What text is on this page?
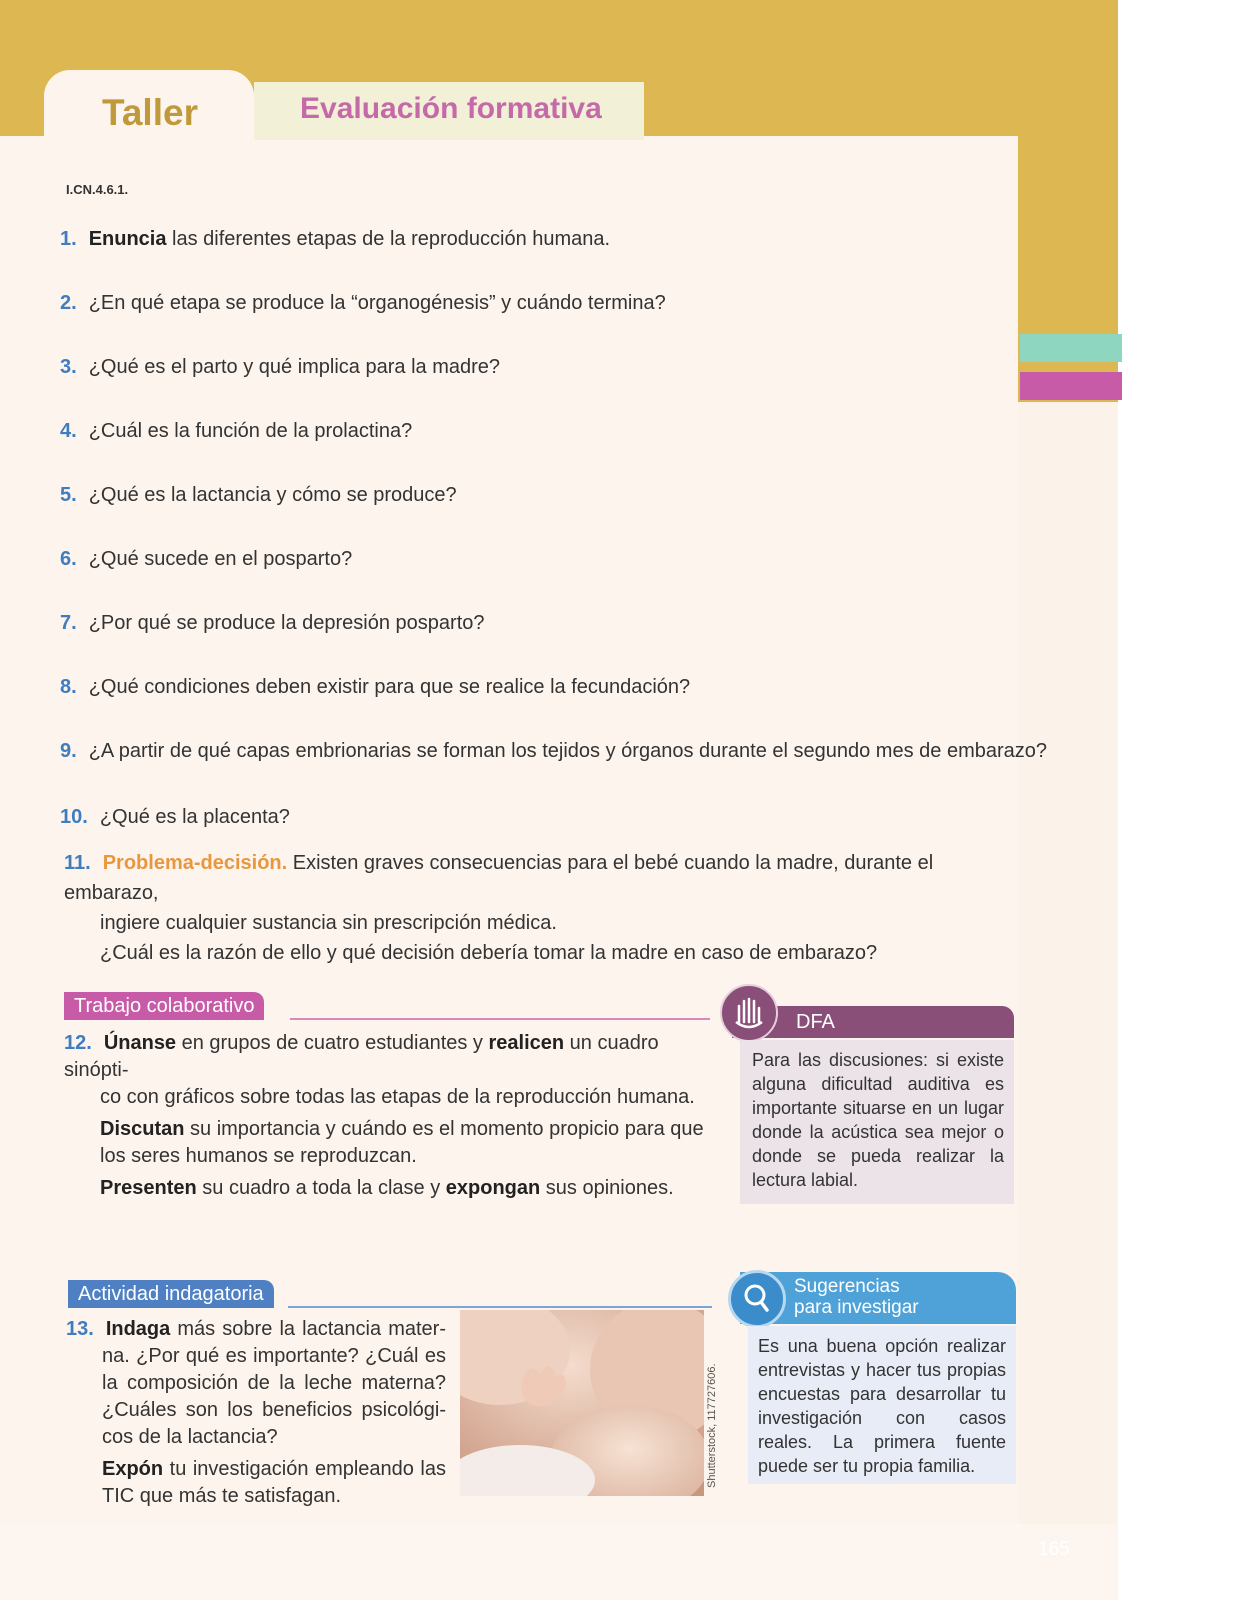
Taller	Evaluación formativa
I.CN.4.6.1.
1. Enuncia las diferentes etapas de la reproducción humana.
2. ¿En qué etapa se produce la “organogénesis” y cuándo termina?
3. ¿Qué es el parto y qué implica para la madre?
4. ¿Cuál es la función de la prolactina?
5. ¿Qué es la lactancia y cómo se produce?
6. ¿Qué sucede en el posparto?
7. ¿Por qué se produce la depresión posparto?
8. ¿Qué condiciones deben existir para que se realice la fecundación?
9. ¿A partir de qué capas embrionarias se forman los tejidos y órganos durante el segundo mes de embarazo?
10. ¿Qué es la placenta?
11. Problema-decisión. Existen graves consecuencias para el bebé cuando la madre, durante el embarazo,
ingiere cualquier sustancia sin prescripción médica.
¿Cuál es la razón de ello y qué decisión debería tomar la madre en caso de embarazo?
Trabajo colaborativo

12. Únanse en grupos de cuatro estudiantes y realicen un cuadro sinópti-
co con gráficos sobre todas las etapas de la reproducción humana.

Discutan su importancia y cuándo es el momento propicio para que
los seres humanos se reproduzcan.

Presenten su cuadro a toda la clase y expongan sus opiniones.

DFA

Para las discusiones: si existe alguna dificultad auditiva es importante situarse en un lugar donde la acústica sea mejor o donde se pueda realizar la lectura labial.

Actividad indagatoria

13. Indaga más sobre la lactancia mater-na. ¿Por qué es importante? ¿Cuál es la composición de la leche materna? ¿Cuáles son los beneficios psicológi-cos de la lactancia?

Expón tu investigación empleando las TIC que más te satisfagan.

Shutterstock, 117727606.
Sugerencias
para investigar

Es una buena opción realizar entrevistas y hacer tus propias encuestas para desarrollar tu investigación con casos reales. La primera fuente puede ser tu propia familia.

165
